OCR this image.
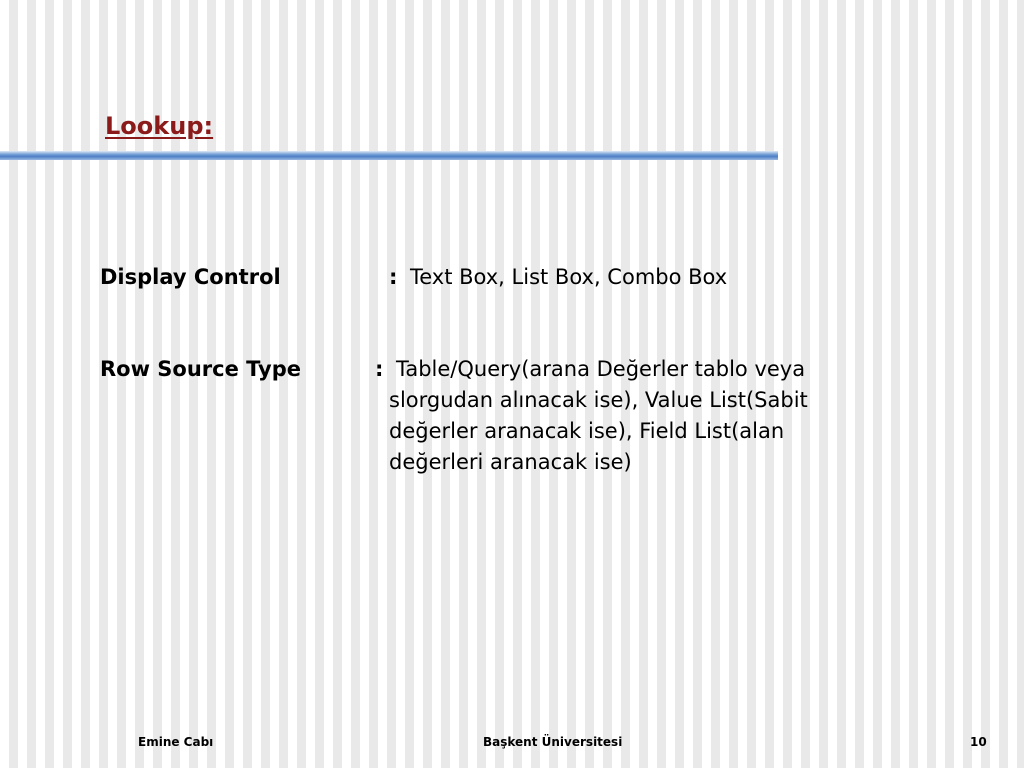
Lookup:
Display Control	: Text Box, List Box, Combo Box
Row Source Type	: Table/Query(arana Değerler tablo veya
slorgudan alınacak ise), Value List(Sabit
değerler aranacak ise), Field List(alan
değerleri aranacak ise)
Emine Cabı	Başkent Üniversitesi	10
